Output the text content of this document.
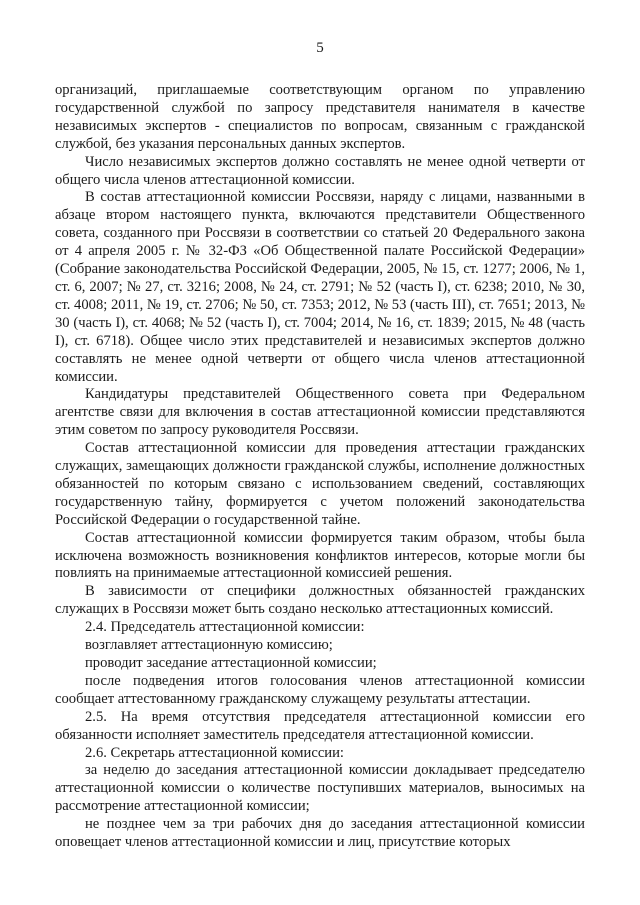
5

организаций, приглашаемые соответствующим органом по управлению государственной службой по запросу представителя нанимателя в качестве независимых экспертов - специалистов по вопросам, связанным с гражданской службой, без указания персональных данных экспертов.

Число независимых экспертов должно составлять не менее одной четверти от общего числа членов аттестационной комиссии.

В состав аттестационной комиссии Россвязи, наряду с лицами, названными в абзаце втором настоящего пункта, включаются представители Общественного совета, созданного при Россвязи в соответствии со статьей 20 Федерального закона от 4 апреля 2005 г. № 32-ФЗ «Об Общественной палате Российской Федерации» (Собрание законодательства Российской Федерации, 2005, № 15, ст. 1277; 2006, № 1, ст. 6, 2007; № 27, ст. 3216; 2008, № 24, ст. 2791; № 52 (часть I), ст. 6238; 2010, № 30, ст. 4008; 2011, № 19, ст. 2706; № 50, ст. 7353; 2012, № 53 (часть III), ст. 7651; 2013, № 30 (часть I), ст. 4068; № 52 (часть I), ст. 7004; 2014, № 16, ст. 1839; 2015, № 48 (часть I), ст. 6718). Общее число этих представителей и независимых экспертов должно составлять не менее одной четверти от общего числа членов аттестационной комиссии.

Кандидатуры представителей Общественного совета при Федеральном агентстве связи для включения в состав аттестационной комиссии представляются этим советом по запросу руководителя Россвязи.

Состав аттестационной комиссии для проведения аттестации гражданских служащих, замещающих должности гражданской службы, исполнение должностных обязанностей по которым связано с использованием сведений, составляющих государственную тайну, формируется с учетом положений законодательства Российской Федерации о государственной тайне.

Состав аттестационной комиссии формируется таким образом, чтобы была исключена возможность возникновения конфликтов интересов, которые могли бы повлиять на принимаемые аттестационной комиссией решения.

В зависимости от специфики должностных обязанностей гражданских служащих в Россвязи может быть создано несколько аттестационных комиссий.

2.4. Председатель аттестационной комиссии:

возглавляет аттестационную комиссию;

проводит заседание аттестационной комиссии;

после подведения итогов голосования членов аттестационной комиссии сообщает аттестованному гражданскому служащему результаты аттестации.

2.5. На время отсутствия председателя аттестационной комиссии его обязанности исполняет заместитель председателя аттестационной комиссии.

2.6. Секретарь аттестационной комиссии:

за неделю до заседания аттестационной комиссии докладывает председателю аттестационной комиссии о количестве поступивших материалов, выносимых на рассмотрение аттестационной комиссии;

не позднее чем за три рабочих дня до заседания аттестационной комиссии оповещает членов аттестационной комиссии и лиц, присутствие которых
